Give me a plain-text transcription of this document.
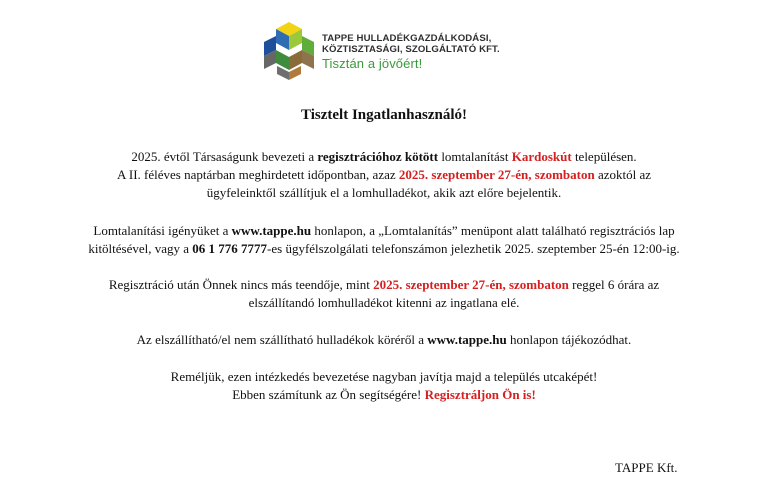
TAPPE HULLADÉKGAZDÁLKODÁSI,
KÖZTISZTASÁGI, SZOLGÁLTATÓ KFT.
Tisztán a jövőért!
Tisztelt Ingatlanhasználó!
2025. évtől Társaságunk bevezeti a regisztrációhoz kötött lomtalanítást Kardoskút településen.
A II. féléves naptárban meghirdetett időpontban, azaz 2025. szeptember 27-én, szombaton azoktól az
ügyfeleinktől szállítjuk el a lomhulladékot, akik azt előre bejelentik.
Lomtalanítási igényüket a www.tappe.hu honlapon, a „Lomtalanítás” menüpont alatt található regisztrációs lap
kitöltésével, vagy a 06 1 776 7777-es ügyfélszolgálati telefonszámon jelezhetik 2025. szeptember 25-én 12:00-ig.
Regisztráció után Önnek nincs más teendője, mint 2025. szeptember 27-én, szombaton reggel 6 órára az
elszállítandó lomhulladékot kitenni az ingatlana elé.
Az elszállítható/el nem szállítható hulladékok köréről a www.tappe.hu honlapon tájékozódhat.
Reméljük, ezen intézkedés bevezetése nagyban javítja majd a település utcaképét!
Ebben számítunk az Ön segítségére! Regisztráljon Ön is!
TAPPE Kft.
